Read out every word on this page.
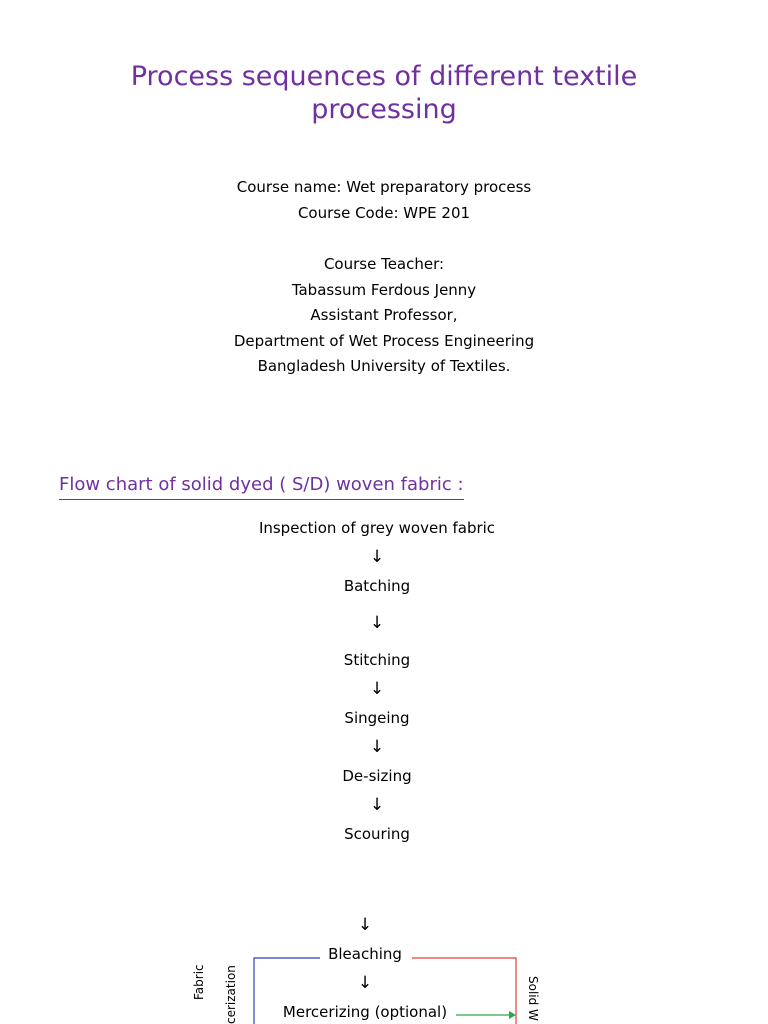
Process sequences of different textile
processing
Course name: Wet preparatory process
Course Code: WPE 201
Course Teacher:
Tabassum Ferdous Jenny
Assistant Professor,
Department of Wet Process Engineering
Bangladesh University of Textiles.
Flow chart of solid dyed ( S/D) woven fabric :
Inspection of grey woven fabric
↓
Batching
↓
Stitching
↓
Singeing
↓
De-sizing
↓
Scouring
↓
Bleaching
↓
Mercerizing (optional)
Fabric cerization	Solid W
